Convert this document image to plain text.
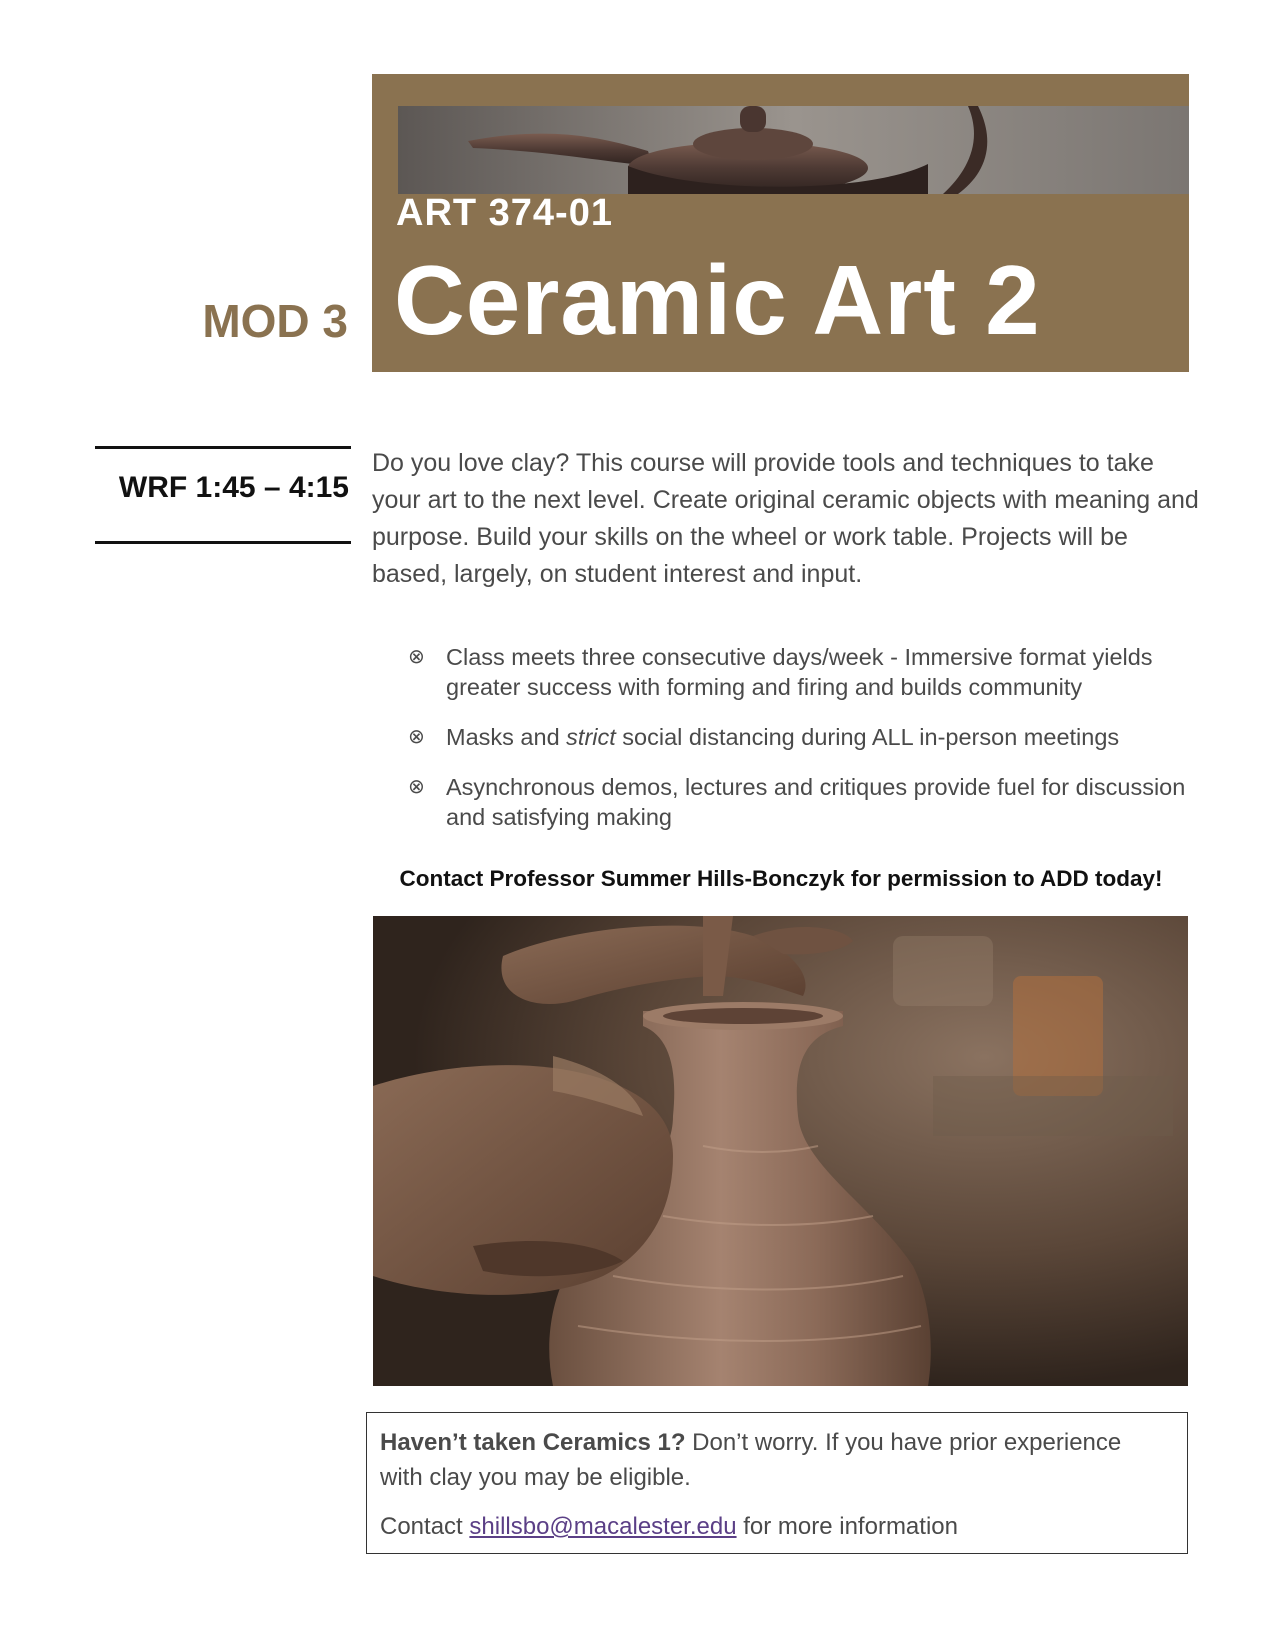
ART 374-01
Ceramic Art 2
MOD 3
WRF 1:45 – 4:15
Do you love clay? This course will provide tools and techniques to take your art to the next level. Create original ceramic objects with meaning and purpose. Build your skills on the wheel or work table. Projects will be based, largely, on student interest and input.
⊗ Class meets three consecutive days/week - Immersive format yields greater success with forming and firing and builds community
⊗ Masks and strict social distancing during ALL in-person meetings
⊗ Asynchronous demos, lectures and critiques provide fuel for discussion and satisfying making
Contact Professor Summer Hills-Bonczyk for permission to ADD today!
Haven’t taken Ceramics 1? Don’t worry. If you have prior experience with clay you may be eligible.
Contact shillsbo@macalester.edu for more information
